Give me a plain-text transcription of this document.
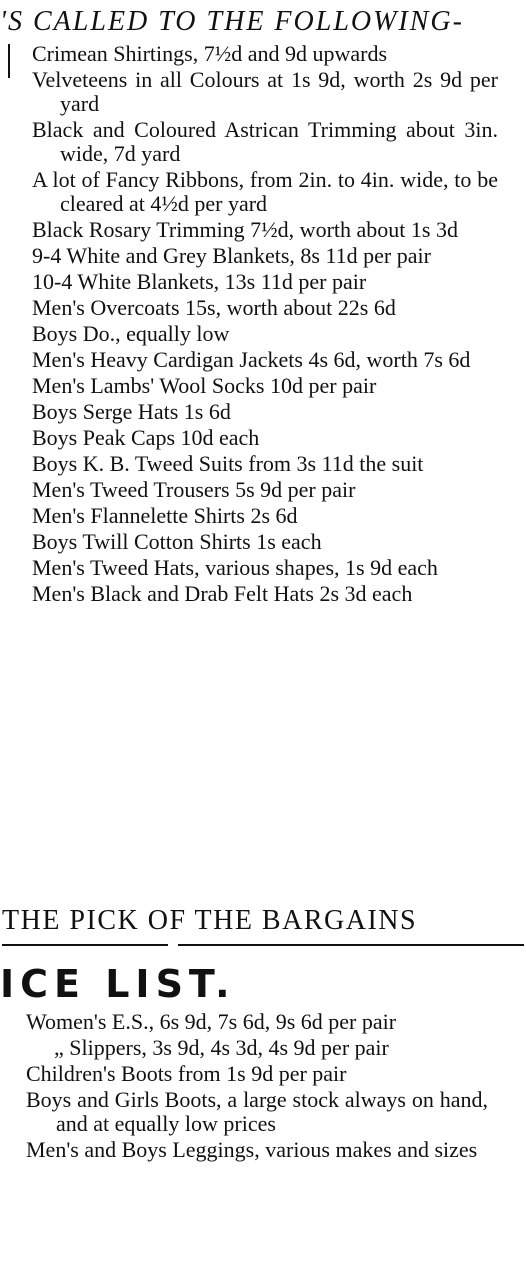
'S CALLED TO THE FOLLOWING-
Crimean Shirtings, 7½d and 9d upwards
Velveteens in all Colours at 1s 9d, worth 2s 9d per yard
Black and Coloured Astrican Trimming about 3in. wide, 7d yard
A lot of Fancy Ribbons, from 2in. to 4in. wide, to be cleared at 4½d per yard
Black Rosary Trimming 7½d, worth about 1s 3d
9-4 White and Grey Blankets, 8s 11d per pair
10-4 White Blankets, 13s 11d per pair
Men's Overcoats 15s, worth about 22s 6d
Boys Do., equally low
Men's Heavy Cardigan Jackets 4s 6d, worth 7s 6d
Men's Lambs' Wool Socks 10d per pair
Boys Serge Hats 1s 6d
Boys Peak Caps 10d each
Boys K. B. Tweed Suits from 3s 11d the suit
Men's Tweed Trousers 5s 9d per pair
Men's Flannelette Shirts 2s 6d
Boys Twill Cotton Shirts 1s each
Men's Tweed Hats, various shapes, 1s 9d each
Men's Black and Drab Felt Hats 2s 3d each
THE PICK OF THE BARGAINS
ICE LIST.
Women's E.S., 6s 9d, 7s 6d, 9s 6d per pair
„ Slippers, 3s 9d, 4s 3d, 4s 9d per pair
Children's Boots from 1s 9d per pair
Boys and Girls Boots, a large stock always on hand, and at equally low prices
Men's and Boys Leggings, various makes and sizes
